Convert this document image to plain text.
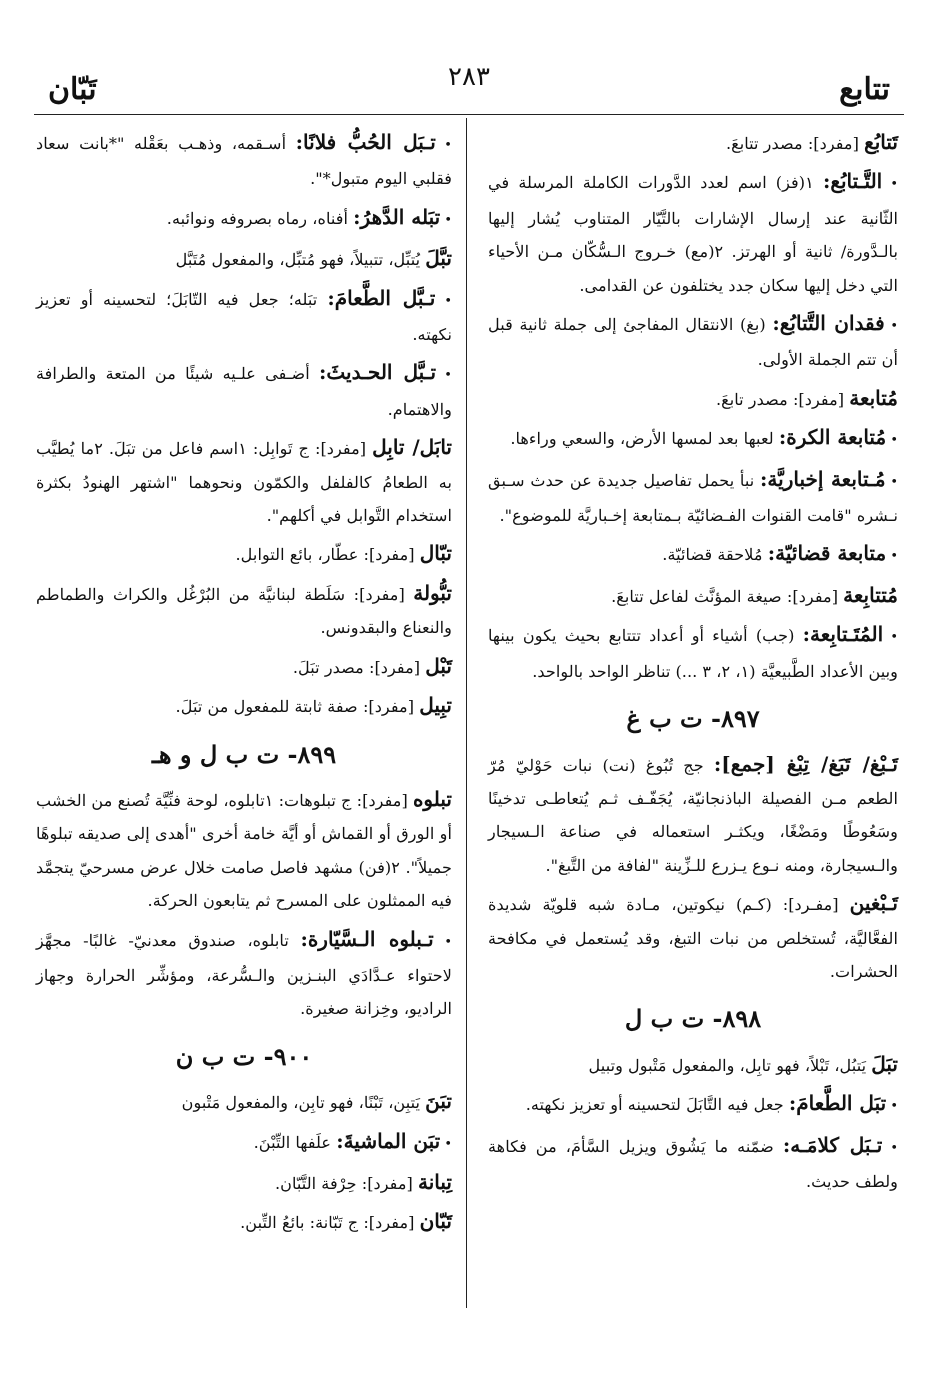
تتابع
٢٨٣
تَبّان
تَتابُع [مفرد]: مصدر تتابعَ.
• التَّـتابُع: ١(فز) اسم لعدد الدَّورات الكاملة المرسلة في الثّانية عند إرسال الإشارات بالتَّيّار المتناوب يُشار إليها بالـدَّورة/ ثانية أو الهرتز. ٢(مع) خـروج الـسُّكّان مـن الأحياء التي دخل إليها سكان جدد يختلفون عن القدامى.
• فقدان التَّتابُع: (بغ) الانتقال المفاجئ إلى جملة ثانية قبل أن تتم الجملة الأولى.
مُتابعة [مفرد]: مصدر تابعَ.
• مُتابعة الكرة: لعبها بعد لمسها الأرض، والسعي وراءها.
• مُـتابعة إخباريَّة: نبأ يحمل تفاصيل جديدة عن حدث سـبق نـشره "قامت القنوات الفـضائيّة بـمتابعة إخـباريَّة للموضوع".
• متابعة قضائيّة: مُلاحقة قضائيّة.
مُتتابِعة [مفرد]: صيغة المؤنَّث لفاعل تتابعَ.
• المُتَـتابِعة: (جب) أشياء أو أعداد تتتابع بحيث يكون بينها وبين الأعداد الطَّبيعيَّة (١، ٢، ٣ ...) تناظر الواحد بالواحد.
٨٩٧- ت ب غ
تَـبْغ/ تَبَغ/ تِبْغ [جمع]: جج تُبُوغ (نت) نبات حَوْليّ مُرّ الطعم مـن الفصيلة الباذنجانيّة، يُجَفّـف ثـم يُتعاطـى تدخينًا وسَعُوطًا ومَضْغًا، ويكثـر استعماله في صناعة الـسيجار والـسيجارة، ومنه نـوع يـزرع للـزِّينة "لفافة من التَّبغ".
تَـبْغين [مفـرد]: (كـم) نيكوتين، مـادة شبه قلويّة شديدة الفعَّاليَّة، تُستخلص من نبات التبغ، وقد يُستعمل في مكافحة الحشرات.
٨٩٨- ت ب ل
تبَلَ يَتبُل، تَبْلاً، فهو تابِل، والمفعول مَتْبول وتبيل
• تبَل الطَّعامَ: جعل فيه التَّابَلَ لتحسينه أو تعزيز نكهته.
• تـبَل كلامَـه: ضمّنه ما يَشُوق ويزيل السَّأمَ، من فكاهة ولطف حديث.
• تـبَل الحُبُّ فلانًا: أسـقمه، وذهـب بعَقْله "*بانت سعاد فقلبي اليوم متبول*".
• تبَله الدَّهرُ: أفناه، رماه بصروفه ونوائبه.
تبَّلَ يُتبِّل، تتبيلاً، فهو مُتبِّل، والمفعول مُتَبَّل
• تـبَّل الطَّعامَ: تبَله؛ جعل فيه التّابَلَ؛ لتحسينه أو تعزيز نكهته.
• تـبَّل الحـديثَ: أضـفى علـيه شيئًا من المتعة والطرافة والاهتمام.
تابَل/ تابِل [مفرد]: ج تَوابِل: ١اسم فاعل من تبَلَ. ٢ما يُطيَّب به الطعامُ كالفلفل والكمّون ونحوهما "اشتهر الهنودُ بكثرة استخدام التَّوابل في أكلهم".
تبّال [مفرد]: عطّار، بائع التوابل.
تبُّولة [مفرد]: سَلَطة لبنانيَّة من البُرْغُل والكراث والطماطم والنعناع والبقدونس.
تَبْل [مفرد]: مصدر تبَلَ.
تبِيل [مفرد]: صفة ثابتة للمفعول من تبَلَ.
٨٩٩- ت ب ل و هـ
تبلوه [مفرد]: ج تبلوهات: ١تابلوه، لوحة فنِّيَّة تُصنع من الخشب أو الورق أو القماش أو أيَّة خامة أخرى "أهدى إلى صديقه تبلوهًا جميلاً". ٢(فن) مشهد فاصل صامت خلال عرض مسرحيّ يتجمَّد فيه الممثلون على المسرح ثم يتابعون الحركة.
• تـبلوه الـسَّيّارة: تابلوه، صندوق معدنيّ- غالبًا- مجهَّز لاحتواء عـدَّادَي البنـزين والـسُّرعة، ومؤشِّر الحرارة وجهاز الراديو، وخِزانة صغيرة.
٩٠٠- ت ب ن
تبَنَ يَتبِن، تَبْنًا، فهو تابِن، والمفعول مَتْبون
• تبَن الماشيةَ: علَفها التِّبْنَ.
تِبانة [مفرد]: حِرْفة التَّبّان.
تَبّان [مفرد]: ج تَبّانة: بائعُ التِّبن.
